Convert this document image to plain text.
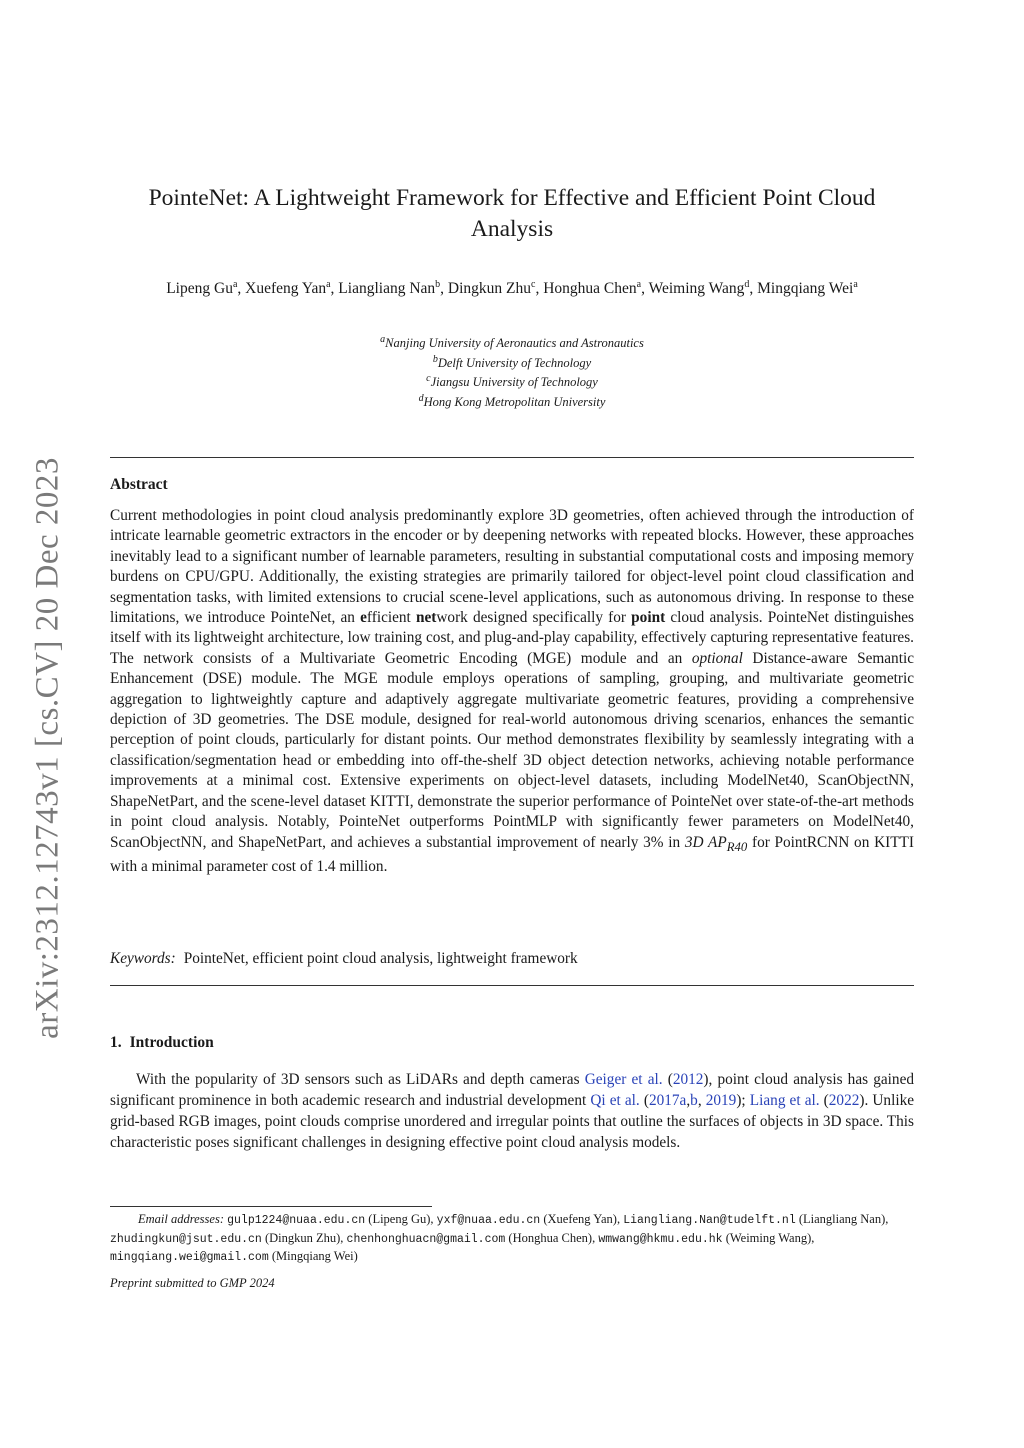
arXiv:2312.12743v1 [cs.CV] 20 Dec 2023
PointeNet: A Lightweight Framework for Effective and Efficient Point Cloud Analysis
Lipeng Gu$^a$, Xuefeng Yan$^a$, Liangliang Nan$^b$, Dingkun Zhu$^c$, Honghua Chen$^a$, Weiming Wang$^d$, Mingqiang Wei$^a$
$^a$Nanjing University of Aeronautics and Astronautics
$^b$Delft University of Technology
$^c$Jiangsu University of Technology
$^d$Hong Kong Metropolitan University
Abstract

Current methodologies in point cloud analysis predominantly explore 3D geometries, often achieved through the introduction of intricate learnable geometric extractors in the encoder or by deepening networks with repeated blocks. However, these approaches inevitably lead to a significant number of learnable parameters, resulting in substantial computational costs and imposing memory burdens on CPU/GPU. Additionally, the existing strategies are primarily tailored for object-level point cloud classification and segmentation tasks, with limited extensions to crucial scene-level applications, such as autonomous driving. In response to these limitations, we introduce PointeNet, an efficient network designed specifically for point cloud analysis. PointeNet distinguishes itself with its lightweight architecture, low training cost, and plug-and-play capability, effectively capturing representative features. The network consists of a Multivariate Geometric Encoding (MGE) module and an optional Distance-aware Semantic Enhancement (DSE) module. The MGE module employs operations of sampling, grouping, and multivariate geometric aggregation to lightweightly capture and adaptively aggregate multivariate geometric features, providing a comprehensive depiction of 3D geometries. The DSE module, designed for real-world autonomous driving scenarios, enhances the semantic perception of point clouds, particularly for distant points. Our method demonstrates flexibility by seamlessly integrating with a classification/segmentation head or embedding into off-the-shelf 3D object detection networks, achieving notable performance improvements at a minimal cost. Extensive experiments on object-level datasets, including ModelNet40, ScanObjectNN, ShapeNetPart, and the scene-level dataset KITTI, demonstrate the superior performance of PointeNet over state-of-the-art methods in point cloud analysis. Notably, PointeNet outperforms PointMLP with significantly fewer parameters on ModelNet40, ScanObjectNN, and ShapeNetPart, and achieves a substantial improvement of nearly 3% in 3D $AP_{R40}$ for PointRCNN on KITTI with a minimal parameter cost of 1.4 million.

Keywords: PointeNet, efficient point cloud analysis, lightweight framework
1. Introduction

With the popularity of 3D sensors such as LiDARs and depth cameras Geiger et al. (2012), point cloud analysis has gained significant prominence in both academic research and industrial development Qi et al. (2017a,b, 2019); Liang et al. (2022). Unlike grid-based RGB images, point clouds comprise unordered and irregular points that outline the surfaces of objects in 3D space. This characteristic poses significant challenges in designing effective point cloud analysis models.

Email addresses: gulp1224@nuaa.edu.cn (Lipeng Gu), yxf@nuaa.edu.cn (Xuefeng Yan), Liangliang.Nan@tudelft.nl (Liangliang Nan), zhudingkun@jsut.edu.cn (Dingkun Zhu), chenhonghuacn@gmail.com (Honghua Chen), wmwang@hkmu.edu.hk (Weiming Wang), mingqiang.wei@gmail.com (Mingqiang Wei)

Preprint submitted to GMP 2024
